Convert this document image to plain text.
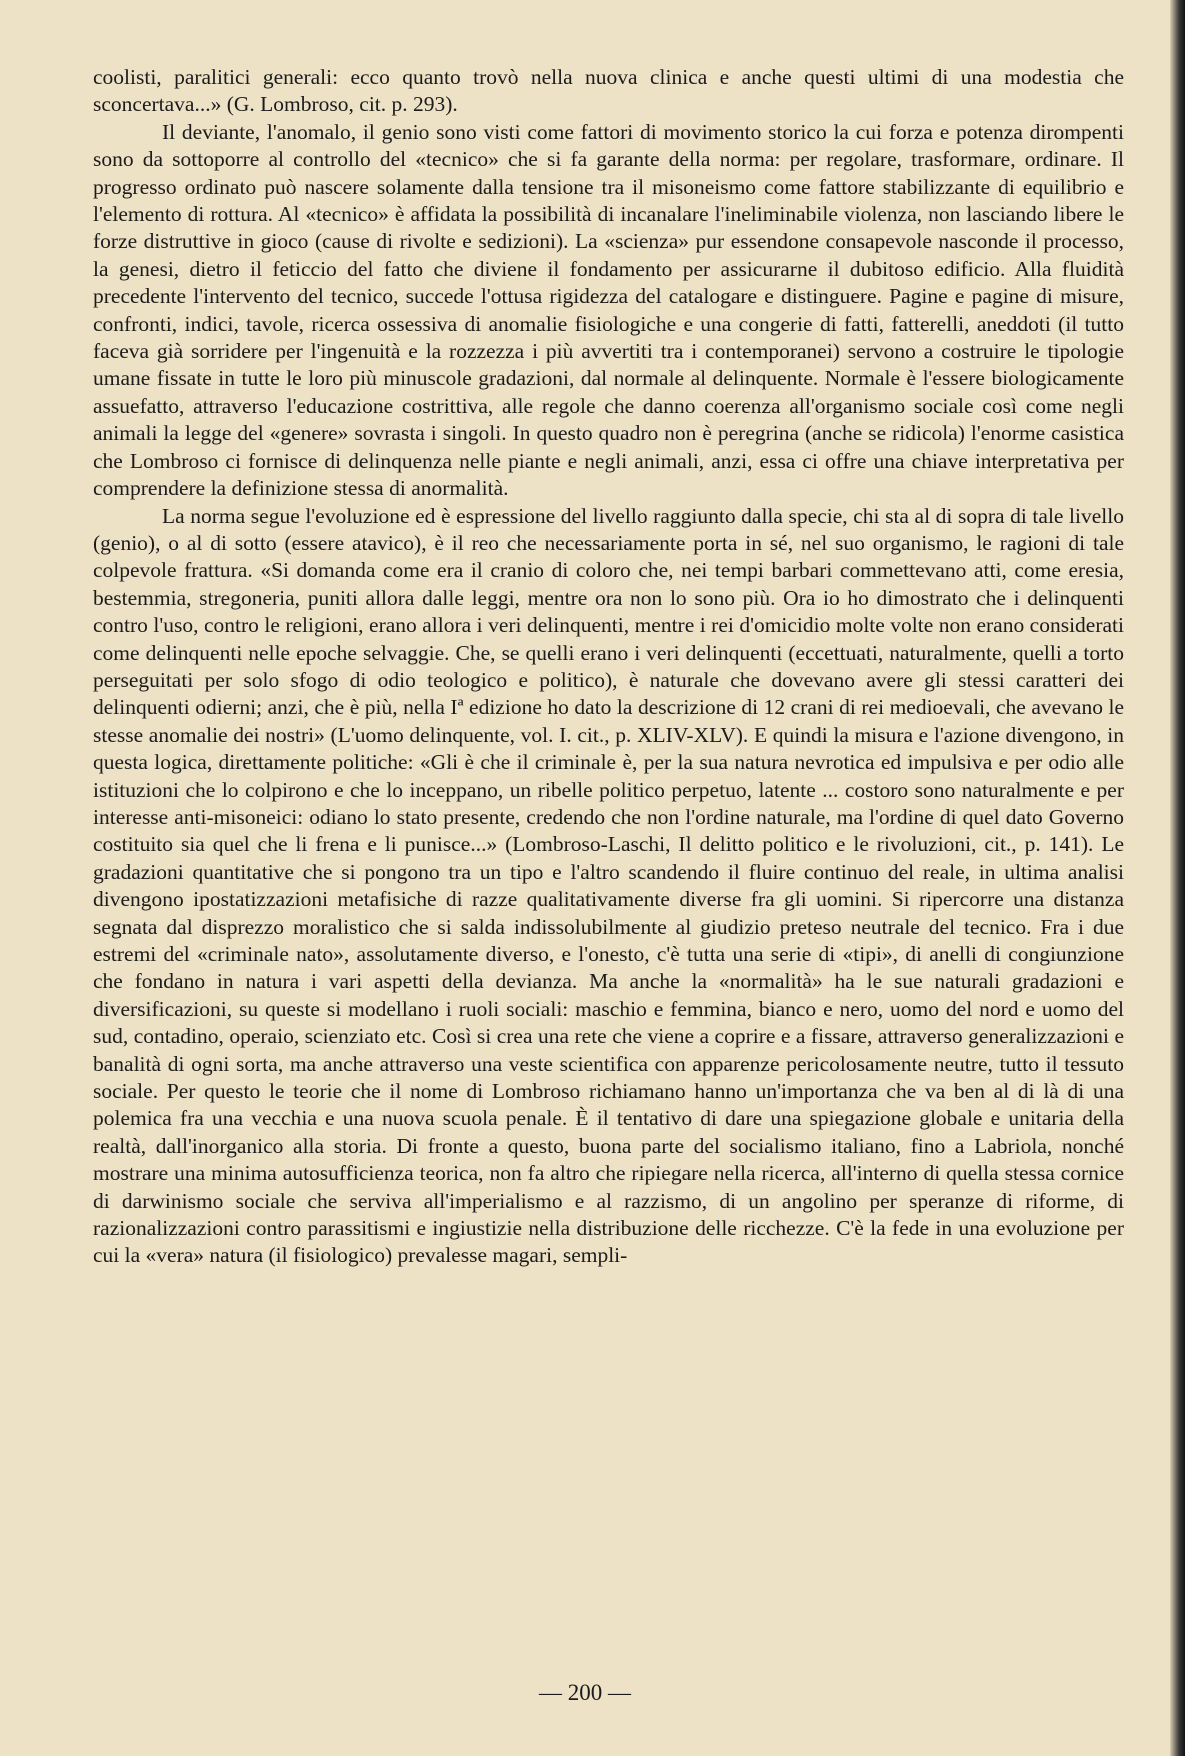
coolisti, paralitici generali: ecco quanto trovò nella nuova clinica e anche questi ultimi di una modestia che sconcertava...» (G. Lombroso, cit. p. 293).

Il deviante, l'anomalo, il genio sono visti come fattori di movimento storico la cui forza e potenza dirompenti sono da sottoporre al controllo del «tecnico» che si fa garante della norma: per regolare, trasformare, ordinare. Il progresso ordinato può nascere solamente dalla tensione tra il misoneismo come fattore stabilizzante di equilibrio e l'elemento di rottura. Al «tecnico» è affidata la possibilità di incanalare l'ineliminabile violenza, non lasciando libere le forze distruttive in gioco (cause di rivolte e sedizioni). La «scienza» pur essendone consapevole nasconde il processo, la genesi, dietro il feticcio del fatto che diviene il fondamento per assicurarne il dubitoso edificio. Alla fluidità precedente l'intervento del tecnico, succede l'ottusa rigidezza del catalogare e distinguere. Pagine e pagine di misure, confronti, indici, tavole, ricerca ossessiva di anomalie fisiologiche e una congerie di fatti, fatterelli, aneddoti (il tutto faceva già sorridere per l'ingenuità e la rozzezza i più avvertiti tra i contemporanei) servono a costruire le tipologie umane fissate in tutte le loro più minuscole gradazioni, dal normale al delinquente. Normale è l'essere biologicamente assuefatto, attraverso l'educazione costrittiva, alle regole che danno coerenza all'organismo sociale così come negli animali la legge del «genere» sovrasta i singoli. In questo quadro non è peregrina (anche se ridicola) l'enorme casistica che Lombroso ci fornisce di delinquenza nelle piante e negli animali, anzi, essa ci offre una chiave interpretativa per comprendere la definizione stessa di anormalità.

La norma segue l'evoluzione ed è espressione del livello raggiunto dalla specie, chi sta al di sopra di tale livello (genio), o al di sotto (essere atavico), è il reo che necessariamente porta in sé, nel suo organismo, le ragioni di tale colpevole frattura. «Si domanda come era il cranio di coloro che, nei tempi barbari commettevano atti, come eresia, bestemmia, stregoneria, puniti allora dalle leggi, mentre ora non lo sono più. Ora io ho dimostrato che i delinquenti contro l'uso, contro le religioni, erano allora i veri delinquenti, mentre i rei d'omicidio molte volte non erano considerati come delinquenti nelle epoche selvaggie. Che, se quelli erano i veri delinquenti (eccettuati, naturalmente, quelli a torto perseguitati per solo sfogo di odio teologico e politico), è naturale che dovevano avere gli stessi caratteri dei delinquenti odierni; anzi, che è più, nella Iª edizione ho dato la descrizione di 12 crani di rei medioevali, che avevano le stesse anomalie dei nostri» (L'uomo delinquente, vol. I. cit., p. XLIV-XLV). E quindi la misura e l'azione divengono, in questa logica, direttamente politiche: «Gli è che il criminale è, per la sua natura nevrotica ed impulsiva e per odio alle istituzioni che lo colpirono e che lo inceppano, un ribelle politico perpetuo, latente ... costoro sono naturalmente e per interesse anti-misoneici: odiano lo stato presente, credendo che non l'ordine naturale, ma l'ordine di quel dato Governo costituito sia quel che li frena e li punisce...» (Lombroso-Laschi, Il delitto politico e le rivoluzioni, cit., p. 141). Le gradazioni quantitative che si pongono tra un tipo e l'altro scandendo il fluire continuo del reale, in ultima analisi divengono ipostatizzazioni metafisiche di razze qualitativamente diverse fra gli uomini. Si ripercorre una distanza segnata dal disprezzo moralistico che si salda indissolubilmente al giudizio preteso neutrale del tecnico. Fra i due estremi del «criminale nato», assolutamente diverso, e l'onesto, c'è tutta una serie di «tipi», di anelli di congiunzione che fondano in natura i vari aspetti della devianza. Ma anche la «normalità» ha le sue naturali gradazioni e diversificazioni, su queste si modellano i ruoli sociali: maschio e femmina, bianco e nero, uomo del nord e uomo del sud, contadino, operaio, scienziato etc. Così si crea una rete che viene a coprire e a fissare, attraverso generalizzazioni e banalità di ogni sorta, ma anche attraverso una veste scientifica con apparenze pericolosamente neutre, tutto il tessuto sociale. Per questo le teorie che il nome di Lombroso richiamano hanno un'importanza che va ben al di là di una polemica fra una vecchia e una nuova scuola penale. È il tentativo di dare una spiegazione globale e unitaria della realtà, dall'inorganico alla storia. Di fronte a questo, buona parte del socialismo italiano, fino a Labriola, nonché mostrare una minima autosufficienza teorica, non fa altro che ripiegare nella ricerca, all'interno di quella stessa cornice di darwinismo sociale che serviva all'imperialismo e al razzismo, di un angolino per speranze di riforme, di razionalizzazioni contro parassitismi e ingiustizie nella distribuzione delle ricchezze. C'è la fede in una evoluzione per cui la «vera» natura (il fisiologico) prevalesse magari, sempli-

— 200 —
